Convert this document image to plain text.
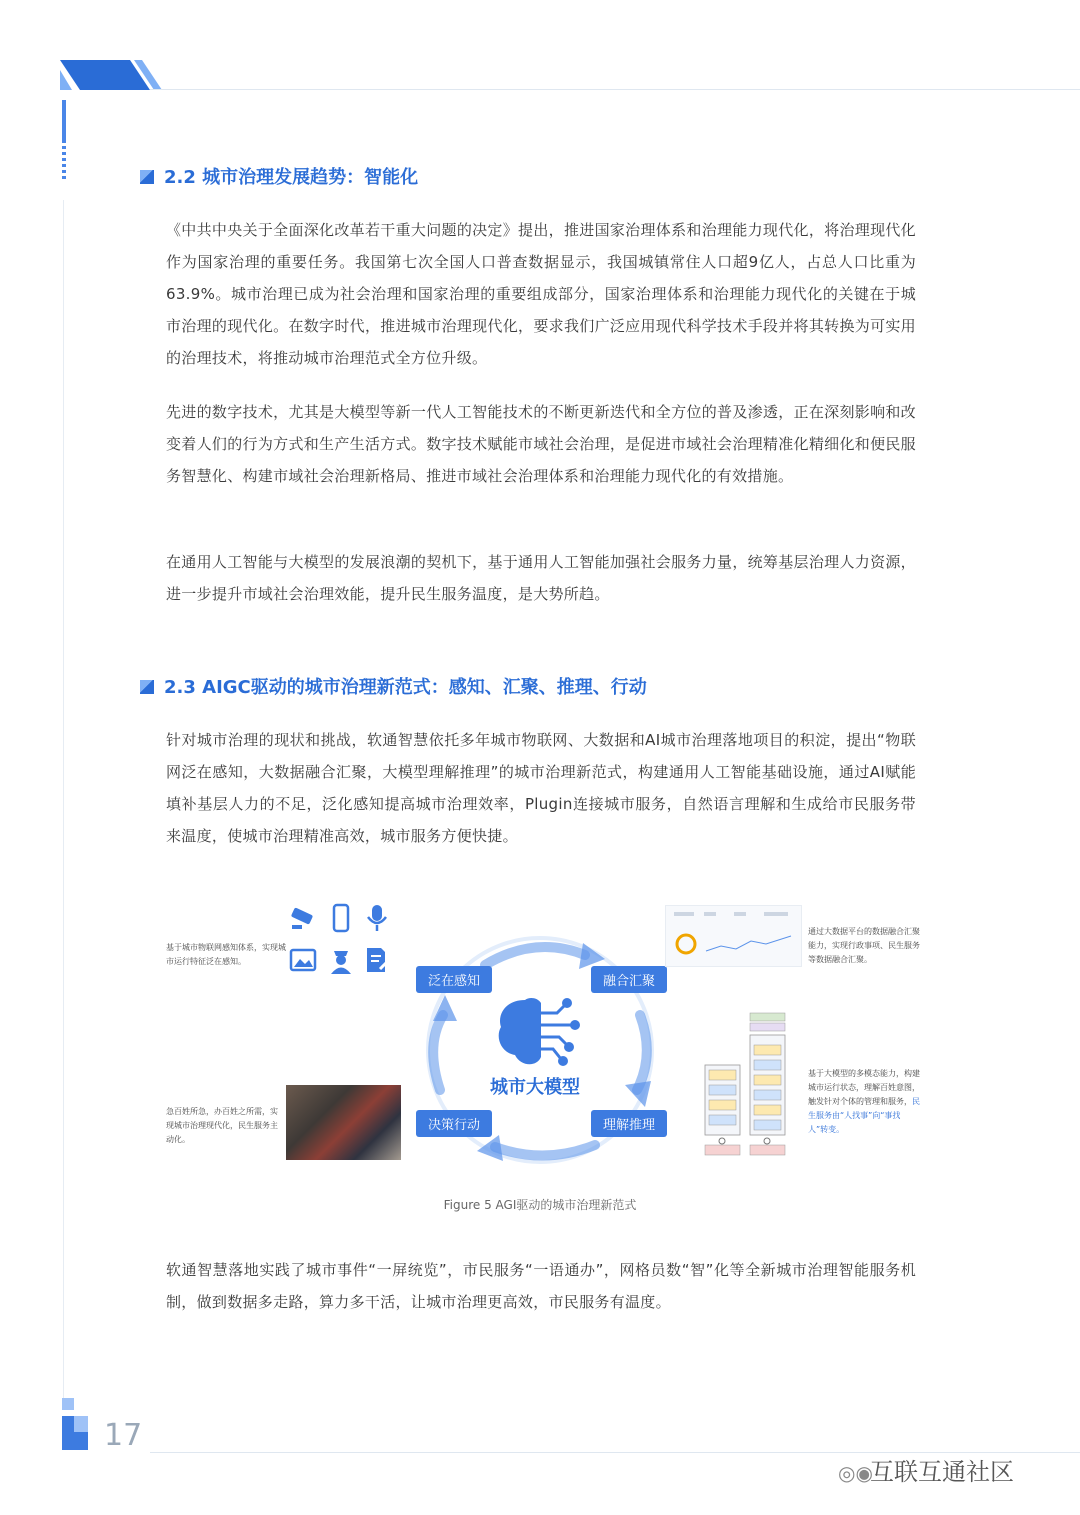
2.2 城市治理发展趋势：智能化
《中共中央关于全面深化改革若干重大问题的决定》提出，推进国家治理体系和治理能力现代化，将治理现代化作为国家治理的重要任务。我国第七次全国人口普查数据显示，我国城镇常住人口超9亿人，占总人口比重为63.9%。城市治理已成为社会治理和国家治理的重要组成部分，国家治理体系和治理能力现代化的关键在于城市治理的现代化。在数字时代，推进城市治理现代化，要求我们广泛应用现代科学技术手段并将其转换为可实用的治理技术，将推动城市治理范式全方位升级。
先进的数字技术，尤其是大模型等新一代人工智能技术的不断更新迭代和全方位的普及渗透，正在深刻影响和改变着人们的行为方式和生产生活方式。数字技术赋能市域社会治理，是促进市域社会治理精准化精细化和便民服务智慧化、构建市域社会治理新格局、推进市域社会治理体系和治理能力现代化的有效措施。
在通用人工智能与大模型的发展浪潮的契机下，基于通用人工智能加强社会服务力量，统筹基层治理人力资源，进一步提升市域社会治理效能，提升民生服务温度，是大势所趋。
2.3 AIGC驱动的城市治理新范式：感知、汇聚、推理、行动
针对城市治理的现状和挑战，软通智慧依托多年城市物联网、大数据和AI城市治理落地项目的积淀，提出“物联网泛在感知，大数据融合汇聚，大模型理解推理”的城市治理新范式，构建通用人工智能基础设施，通过AI赋能填补基层人力的不足，泛化感知提高城市治理效率，Plugin连接城市服务，自然语言理解和生成给市民服务带来温度，使城市治理精准高效，城市服务方便快捷。
城市大模型
泛在感知	融合汇聚
理解推理
决策行动
基于城市物联网感知体系，实现城市运行特征泛在感知。
通过大数据平台的数据融合汇聚能力，实现行政事项、民生服务等数据融合汇聚。
基于大模型的多模态能力，构建城市运行状态，理解百姓意图，触发针对个体的管理和服务，民生服务由“人找事”向“事找人”转变。
急百姓所急，办百姓之所需，实现城市治理现代化，民生服务主动化。
Figure 5 AGI驱动的城市治理新范式
软通智慧落地实践了城市事件“一屏统览”，市民服务“一语通办”，网格员数“智”化等全新城市治理智能服务机制，做到数据多走路，算力多干活，让城市治理更高效，市民服务有温度。
17
◎◉互联互通社区
